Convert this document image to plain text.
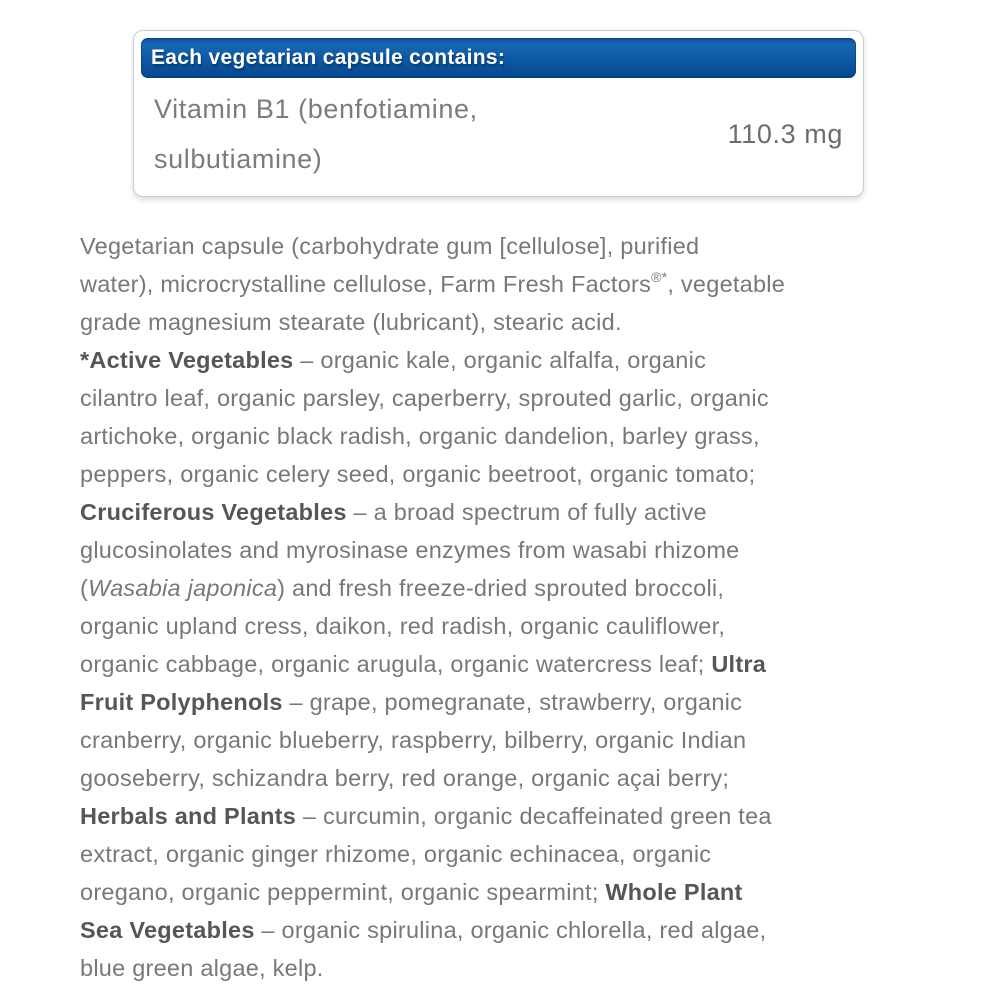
Each vegetarian capsule contains:
Vitamin B1 (benfotiamine, sulbutiamine)
110.3 mg
Vegetarian capsule (carbohydrate gum [cellulose], purified
water), microcrystalline cellulose, Farm Fresh Factors®*, vegetable
grade magnesium stearate (lubricant), stearic acid.
*Active Vegetables – organic kale, organic alfalfa, organic
cilantro leaf, organic parsley, caperberry, sprouted garlic, organic
artichoke, organic black radish, organic dandelion, barley grass,
peppers, organic celery seed, organic beetroot, organic tomato;
Cruciferous Vegetables – a broad spectrum of fully active
glucosinolates and myrosinase enzymes from wasabi rhizome
(Wasabia japonica) and fresh freeze-dried sprouted broccoli,
organic upland cress, daikon, red radish, organic cauliflower,
organic cabbage, organic arugula, organic watercress leaf; Ultra
Fruit Polyphenols – grape, pomegranate, strawberry, organic
cranberry, organic blueberry, raspberry, bilberry, organic Indian
gooseberry, schizandra berry, red orange, organic açai berry;
Herbals and Plants – curcumin, organic decaffeinated green tea
extract, organic ginger rhizome, organic echinacea, organic
oregano, organic peppermint, organic spearmint; Whole Plant
Sea Vegetables – organic spirulina, organic chlorella, red algae,
blue green algae, kelp.
